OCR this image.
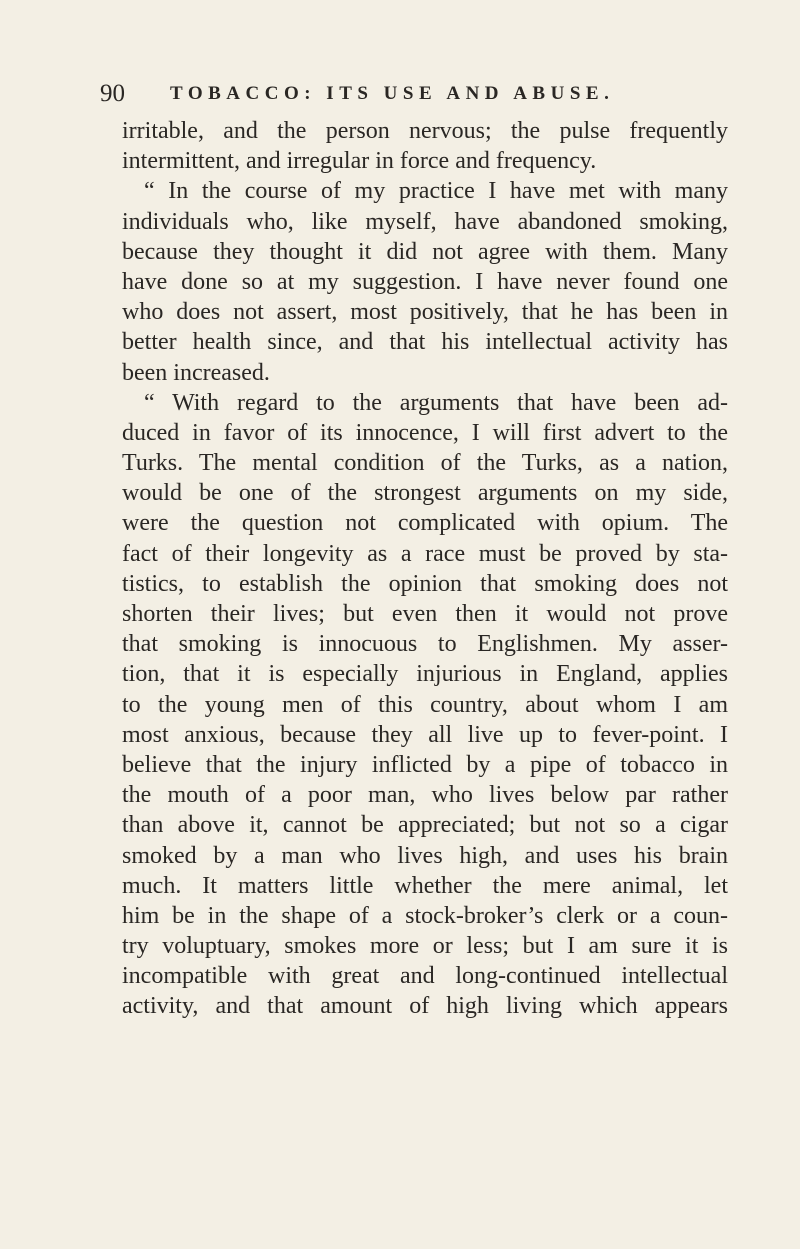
90 TOBACCO: ITS USE AND ABUSE.
irritable, and the person nervous; the pulse frequently
intermittent, and irregular in force and frequency.
“ In the course of my practice I have met with many
individuals who, like myself, have abandoned smoking,
because they thought it did not agree with them. Many
have done so at my suggestion. I have never found one
who does not assert, most positively, that he has been in
better health since, and that his intellectual activity has
been increased.
“ With regard to the arguments that have been ad-
duced in favor of its innocence, I will first advert to the
Turks. The mental condition of the Turks, as a nation,
would be one of the strongest arguments on my side,
were the question not complicated with opium. The
fact of their longevity as a race must be proved by sta-
tistics, to establish the opinion that smoking does not
shorten their lives; but even then it would not prove
that smoking is innocuous to Englishmen. My asser-
tion, that it is especially injurious in England, applies
to the young men of this country, about whom I am
most anxious, because they all live up to fever-point. I
believe that the injury inflicted by a pipe of tobacco in
the mouth of a poor man, who lives below par rather
than above it, cannot be appreciated; but not so a cigar
smoked by a man who lives high, and uses his brain
much. It matters little whether the mere animal, let
him be in the shape of a stock-broker’s clerk or a coun-
try voluptuary, smokes more or less; but I am sure it is
incompatible with great and long-continued intellectual
activity, and that amount of high living which appears
